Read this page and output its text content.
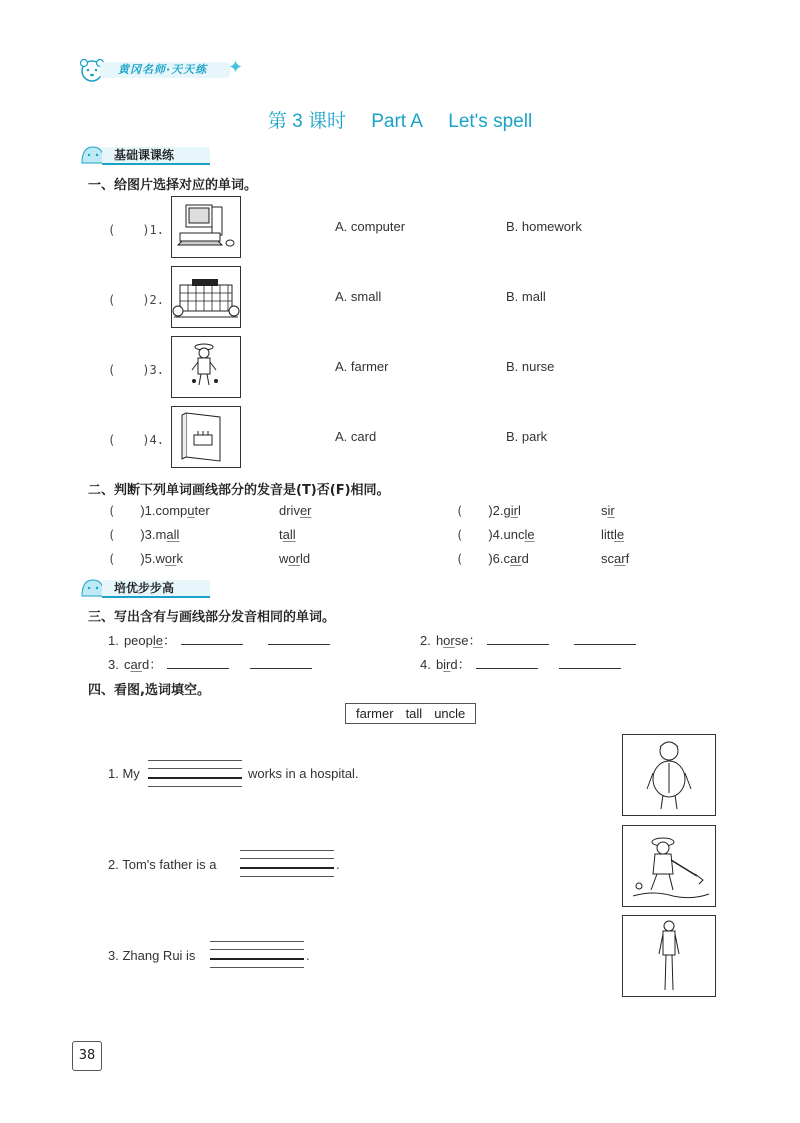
黄冈名师·天天练 ✦
第 3 课时 Part A Let's spell
基础课课练
一、给图片选择对应的单词。
( )1.	A. computer	B. homework
( )2.	A. small	B. mall
( )3.	A. farmer	B. nurse
( )4.	A. card	B. park
二、判断下列单词画线部分的发音是(T)否(F)相同。
( )1.computer	driver	( )2.girl	sir
( )3.mall	tall	( )4.uncle	little
( )5.work	world	( )6.card	scarf
培优步步高
三、写出含有与画线部分发音相同的单词。
1. people：	2. horse：
3. card：	4. bird：
四、看图,选词填空。
farmer tall uncle
1. My	works in a hospital.
2. Tom's father is a	.
3. Zhang Rui is	.
38
